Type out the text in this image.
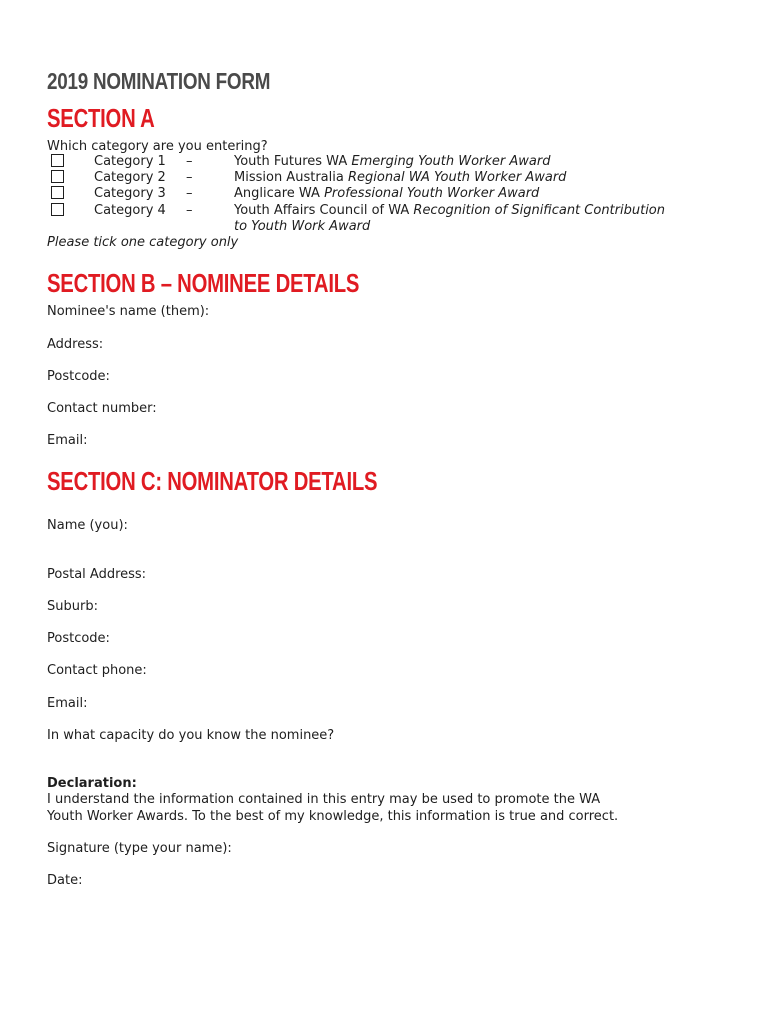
2019 NOMINATION FORM
SECTION A
Which category are you entering?
Category 1 –	Youth Futures WA Emerging Youth Worker Award
Category 2 –	Mission Australia Regional WA Youth Worker Award
Category 3 –	Anglicare WA Professional Youth Worker Award
Category 4 –	Youth Affairs Council of WA Recognition of Significant Contribution
to Youth Work Award
Please tick one category only
SECTION B – NOMINEE DETAILS
Nominee's name (them):
Address:
Postcode:
Contact number:
Email:
SECTION C: NOMINATOR DETAILS
Name (you):
Postal Address:
Suburb:
Postcode:
Contact phone:
Email:
In what capacity do you know the nominee?
Declaration:
I understand the information contained in this entry may be used to promote the WA
Youth Worker Awards. To the best of my knowledge, this information is true and correct.
Signature (type your name):
Date:
